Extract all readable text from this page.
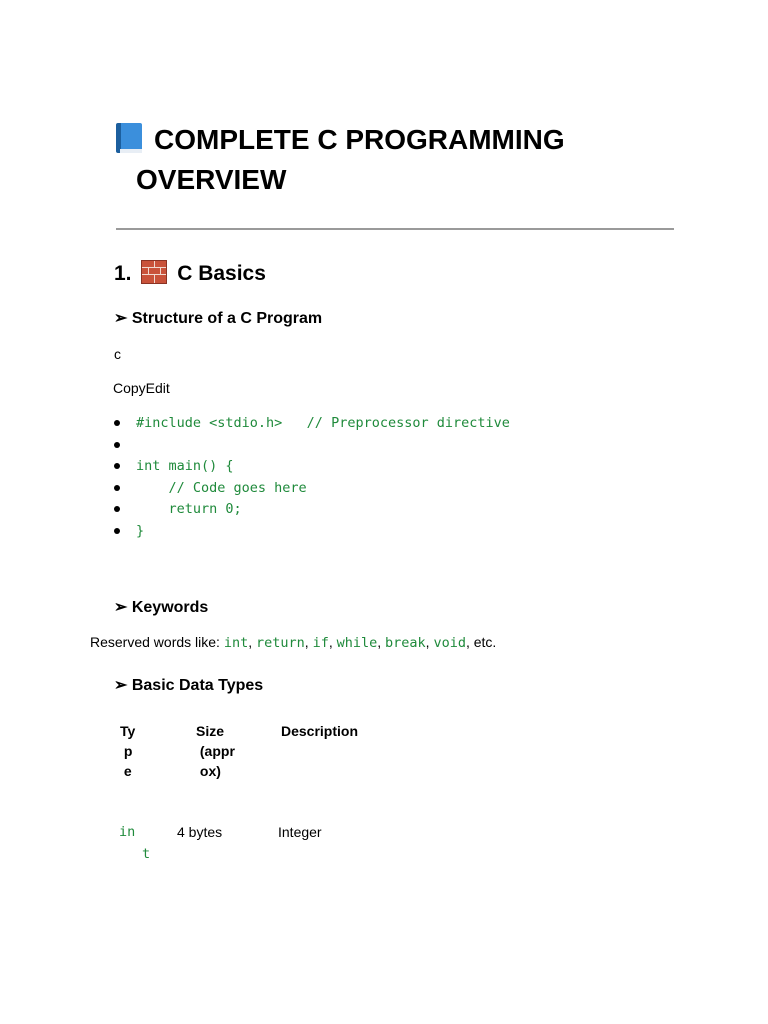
COMPLETE C PROGRAMMING
OVERVIEW
1. C Basics
➢ Structure of a C Program
c
CopyEdit
#include <stdio.h>   // Preprocessor directive
int main() {
// Code goes here
return 0;
}
➢ Keywords
Reserved words like: int, return, if, while, break, void, etc.
➢ Basic Data Types
Ty
p
e
Size
(appr
ox)
Description
in
t
4 bytes	Integer
